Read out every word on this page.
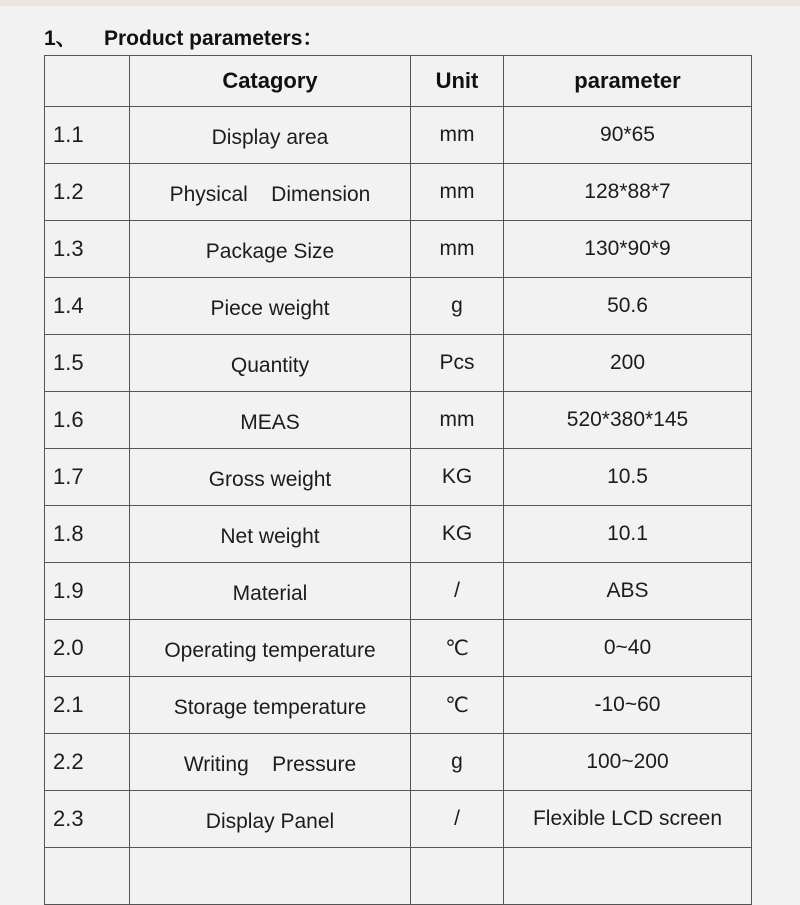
1、	Product parameters：
	Catagory	Unit	parameter
1.1	Display area	mm	90*65
1.2	Physical    Dimension	mm	128*88*7
1.3	Package Size	mm	130*90*9
1.4	Piece weight	g	50.6
1.5	Quantity	Pcs	200
1.6	MEAS	mm	520*380*145
1.7	Gross weight	KG	10.5
1.8	Net weight	KG	10.1
1.9	Material	/	ABS
2.0	Operating temperature	℃	0~40
2.1	Storage temperature	℃	-10~60
2.2	Writing    Pressure	g	100~200
2.3	Display Panel	/	Flexible LCD screen
